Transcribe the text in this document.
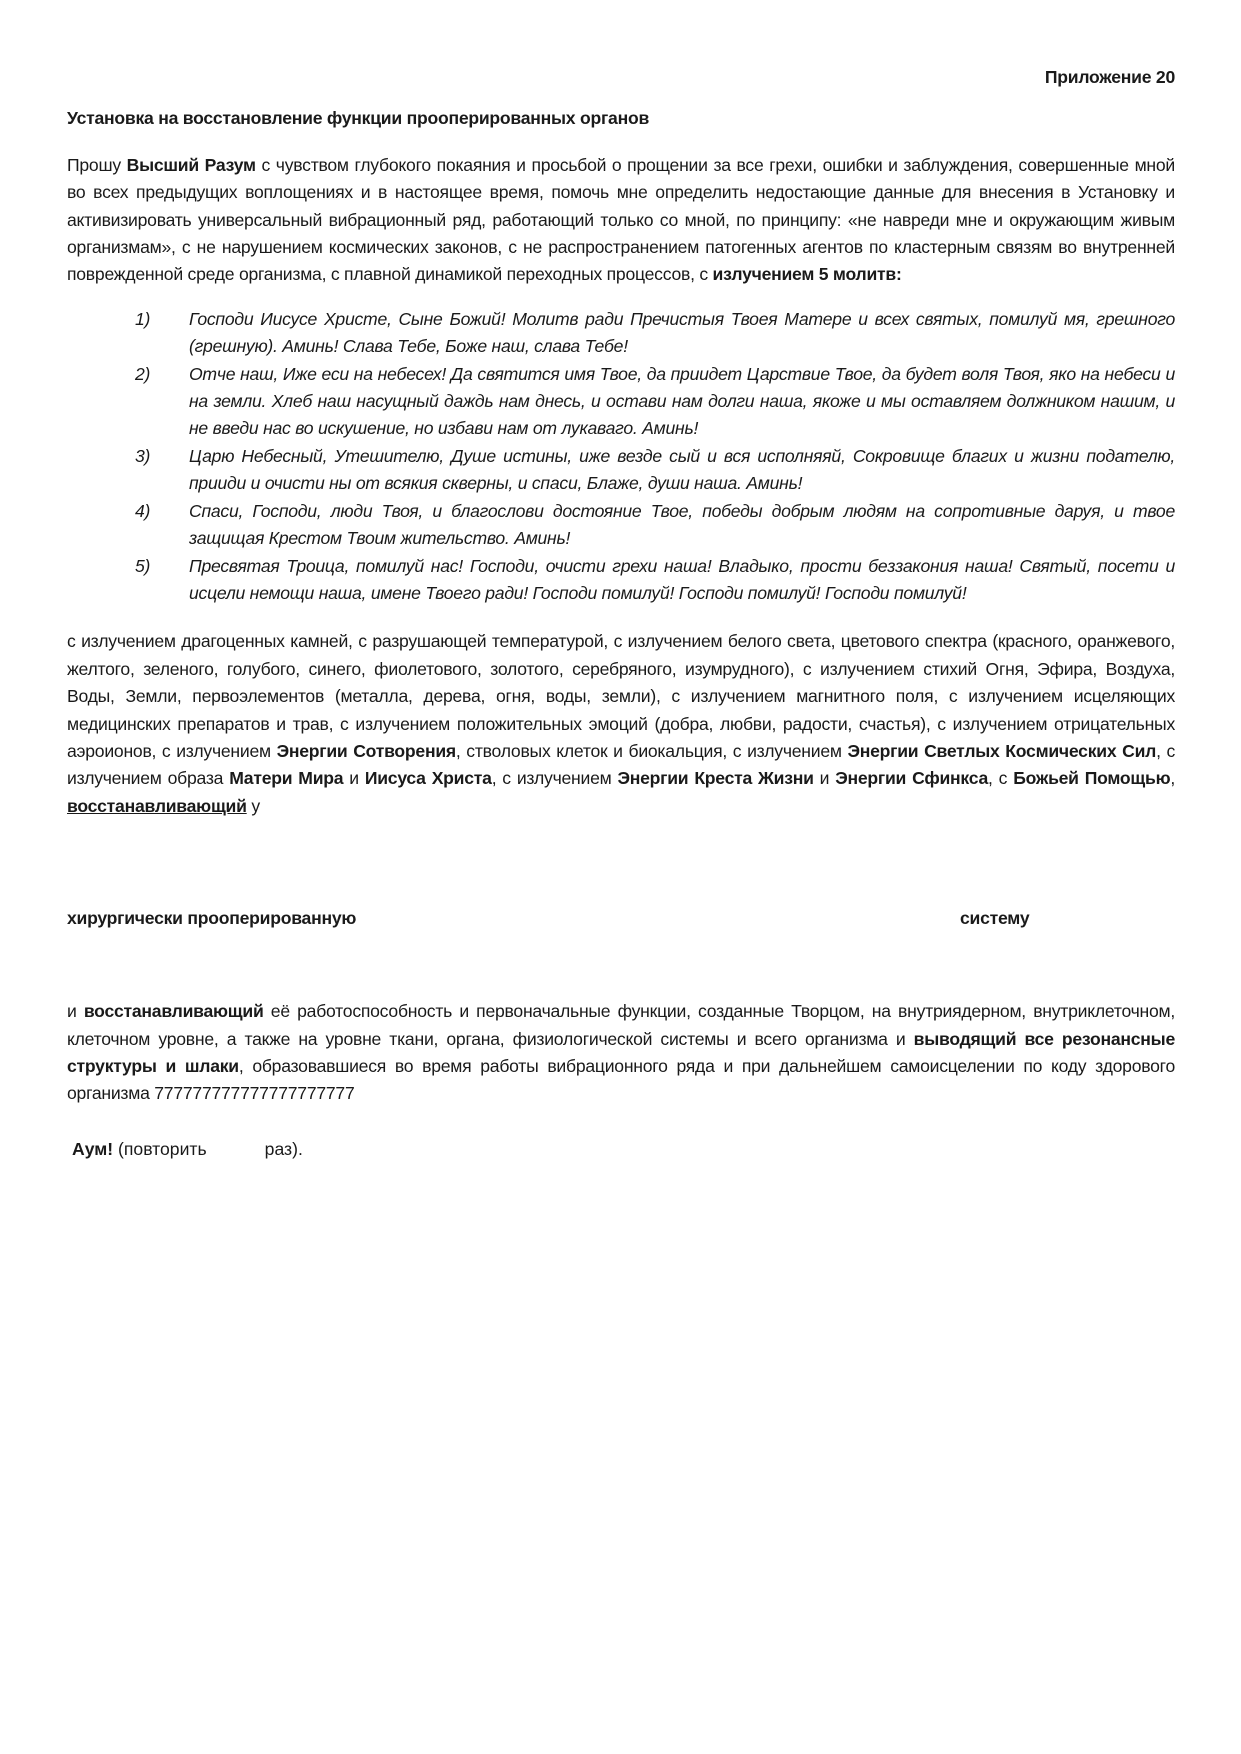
Приложение 20
Установка на восстановление функции прооперированных органов

Прошу Высший Разум с чувством глубокого покаяния и просьбой о прощении за все грехи, ошибки и заблуждения, совершенные мной во всех предыдущих воплощениях и в настоящее время, помочь мне определить недостающие данные для внесения в Установку и активизировать универсальный вибрационный ряд, работающий только со мной, по принципу: «не навреди мне и окружающим живым организмам», с не нарушением космических законов, с не распространением патогенных агентов по кластерным связям во внутренней поврежденной среде организма, с плавной динамикой переходных процессов, с излучением 5 молитв:

Господи Иисусе Христе, Сыне Божий! Молитв ради Пречистыя Твоея Матере и всех святых, помилуй мя, грешного (грешную). Аминь! Слава Тебе, Боже наш, слава Тебе!
Отче наш, Иже еси на небесех! Да святится имя Твое, да приидет Царствие Твое, да будет воля Твоя, яко на небеси и на земли. Хлеб наш насущный даждь нам днесь, и остави нам долги наша, якоже и мы оставляем должником нашим, и не введи нас во искушение, но избави нам от лукаваго. Аминь!
Царю Небесный, Утешителю, Душе истины, иже везде сый и вся исполняяй, Сокровище благих и жизни подателю, прииди и очисти ны от всякия скверны, и спаси, Блаже, души наша. Аминь!
Спаси, Господи, люди Твоя, и благослови достояние Твое, победы добрым людям на сопротивные даруя, и твое защищая Крестом Твоим жительство. Аминь!
Пресвятая Троица, помилуй нас! Господи, очисти грехи наша! Владыко, прости беззакония наша! Святый, посети и исцели немощи наша, имене Твоего ради! Господи помилуй! Господи помилуй! Господи помилуй!

с излучением драгоценных камней, с разрушающей температурой, с излучением белого света, цветового спектра (красного, оранжевого, желтого, зеленого, голубого, синего, фиолетового, золотого, серебряного, изумрудного), с излучением стихий Огня, Эфира, Воздуха, Воды, Земли, первоэлементов (металла, дерева, огня, воды, земли), с излучением магнитного поля, с излучением исцеляющих медицинских препаратов и трав, с излучением положительных эмоций (добра, любви, радости, счастья), с излучением отрицательных аэроионов, с излучением Энергии Сотворения, стволовых клеток и биокальция, с излучением Энергии Светлых Космических Сил, с излучением образа Матери Мира и Иисуса Христа, с излучением Энергии Креста Жизни и Энергии Сфинкса, с Божьей Помощью, восстанавливающий у

хирургически прооперированную	систему

и восстанавливающий её работоспособность и первоначальные функции, созданные Творцом, на внутриядерном, внутриклеточном, клеточном уровне, а также на уровне ткани, органа, физиологической системы и всего организма и выводящий все резонансные структуры и шлаки, образовавшиеся во время работы вибрационного ряда и при дальнейшем самоисцелении по коду здорового организма 777777777777777777777

Аум! (повторить	раз).
